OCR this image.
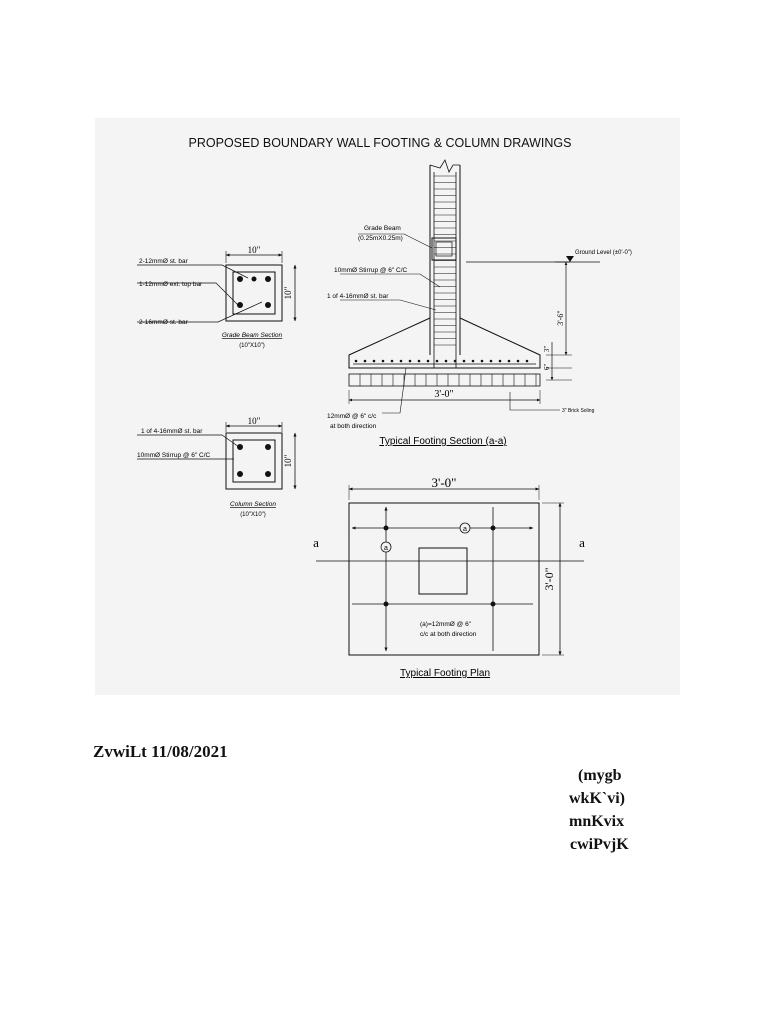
PROPOSED BOUNDARY WALL FOOTING & COLUMN DRAWINGS
10"
10"
2-12mmØ st. bar
1-12mmØ ext. top bar
2-16mmØ st. bar
Grade Beam Section
(10"X10")
10"
10"
1 of 4-16mmØ st. bar
10mmØ Stirrup @ 6" C/C
Column Section
(10"X10")
Grade Beam
(0.25mX0.25m)
10mmØ Stirrup @ 6" C/C
1 of 4-16mmØ st. bar
Ground Level (±0'-0")
3'-6"
3"
6"
3'-0"
3" Brick Soling
12mmØ @ 6" c/c
at both direction
Typical Footing Section (a-a)
3'-0"
3'-0"
a	a
a
a
(a)=12mmØ @ 6"
c/c at both direction
Typical Footing Plan
ZvwiLt 11/08/2021
(mygb
wkK`vi)
mnKvix
cwiPvjK
